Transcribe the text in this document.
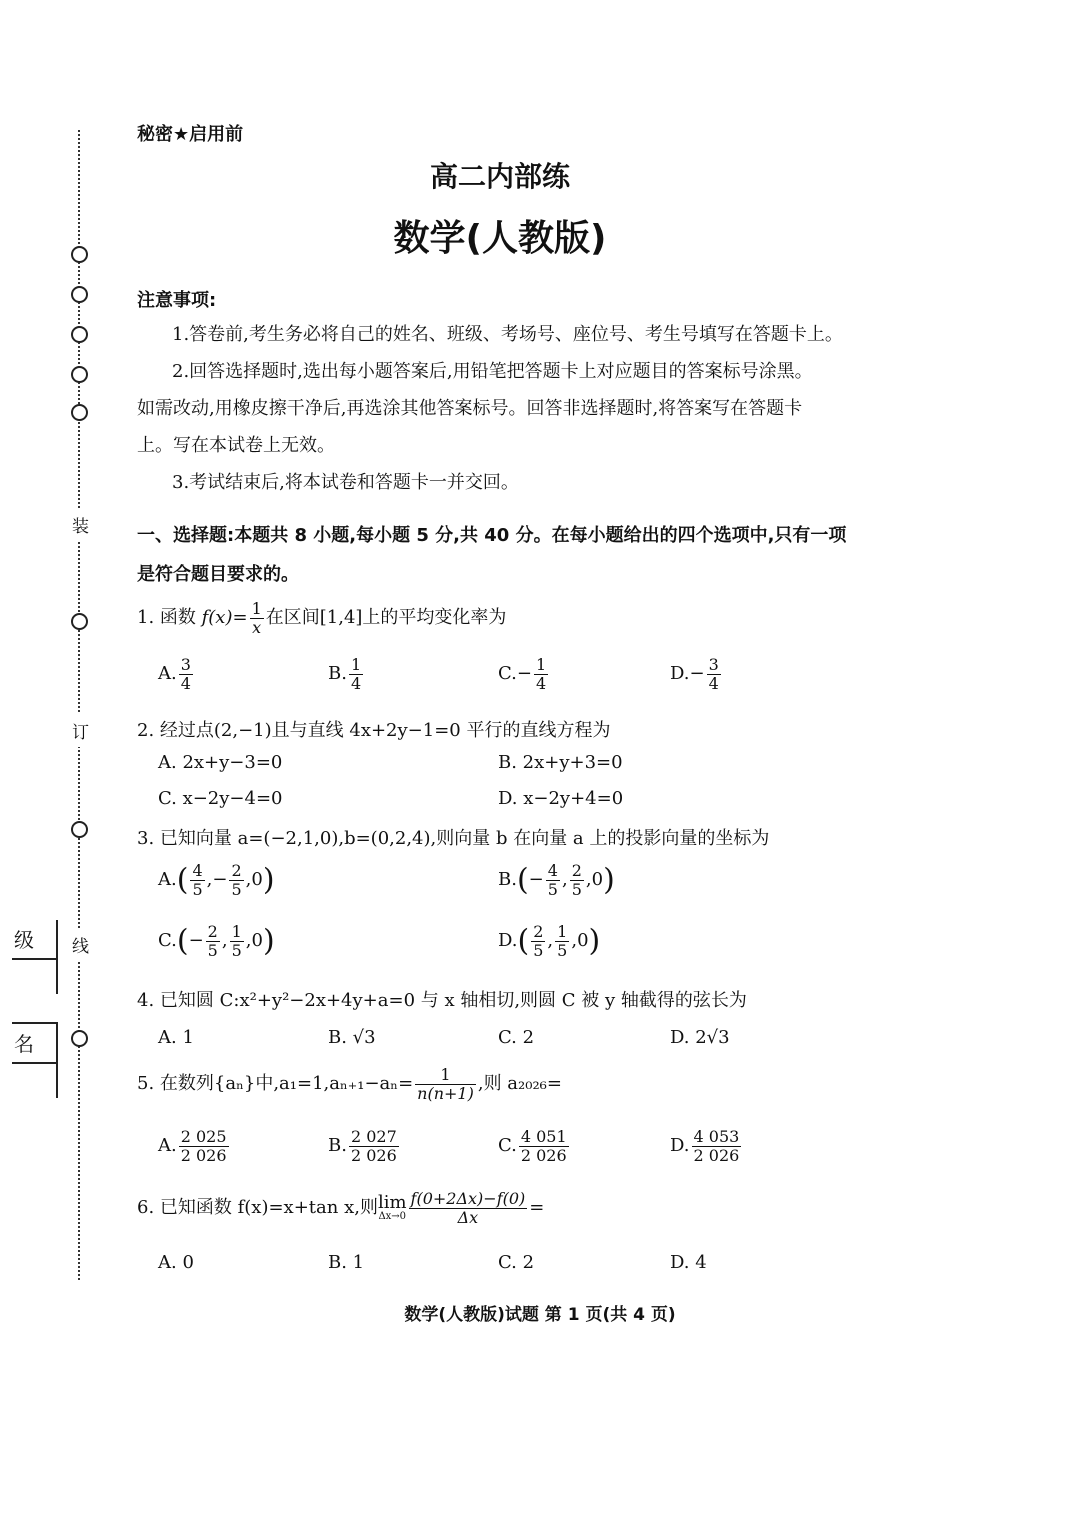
装
订
线
级
名
秘密★启用前
高二内部练
数学(人教版)
注意事项:
1.答卷前,考生务必将自己的姓名、班级、考场号、座位号、考生号填写在答题卡上。
2.回答选择题时,选出每小题答案后,用铅笔把答题卡上对应题目的答案标号涂黑。
如需改动,用橡皮擦干净后,再选涂其他答案标号。回答非选择题时,将答案写在答题卡
上。写在本试卷上无效。
3.考试结束后,将本试卷和答题卡一并交回。
一、选择题:本题共 8 小题,每小题 5 分,共 40 分。在每小题给出的四个选项中,只有一项
是符合题目要求的。
1. 函数 $f(x)= \frac{1}{x}$ 在区间[1,4]上的平均变化率为
A. $\frac{3}{4}$	B. $\frac{1}{4}$	$C.- \frac{1}{4}$	$D.- \frac{3}{4}$
2. 经过点(2,−1)且与直线 4x+2y−1=0 平行的直线方程为
A. 2x+y−3=0	B. 2x+y+3=0
C. x−2y−4=0	D. x−2y+4=0
3. 已知向量 a=(−2,1,0),b=(0,2,4),则向量 b 在向量 a 上的投影向量的坐标为
$A.( \frac{4}{5}$ ,− $\frac{2}{5} ,0$)	$B.(- \frac{4}{5}$ , $\frac{2}{5} ,0$)
$C.(- \frac{2}{5}$ , $\frac{1}{5} ,0$)	$D.( \frac{2}{5}$ , $\frac{1}{5} ,0$)
4. 已知圆 C:x²+y²−2x+4y+a=0 与 x 轴相切,则圆 C 被 y 轴截得的弦长为
A. 1	B. √3	C. 2	D. 2√3
5. 在数列{aₙ}中$,a_1=1,a_{n+1}-a_n= \frac{1}{n(n+1)}$ ,则 a₂₀₂₆=
A. $\frac{2 025}{2 026}$	B. $\frac{2 027}{2 026}$	C. $\frac{4 051}{2 026}$	D. $\frac{4 053}{2 026}$
6. 已知函数 f(x)=x+tan x,则 lim
$\Delta x\to 0 \frac{f(0+2\Delta x)-f(0)}{\Delta x}$ =
A. 0	B. 1	C. 2	D. 4
数学(人教版)试题 第 1 页(共 4 页)
